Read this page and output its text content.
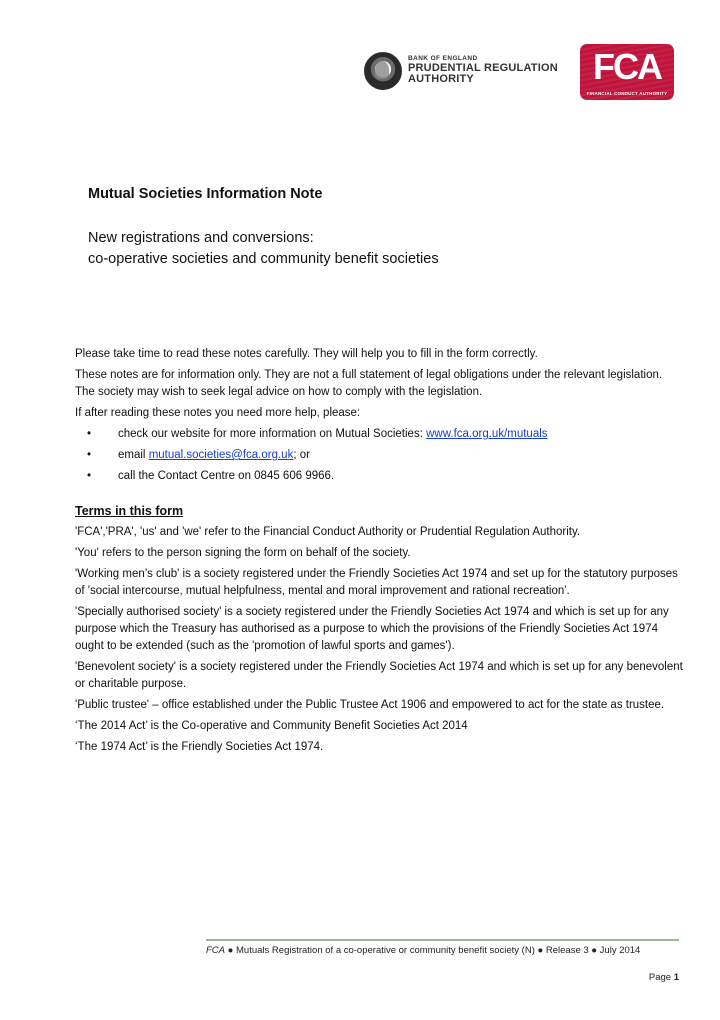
BANK OF ENGLAND
PRUDENTIAL REGULATION
AUTHORITY	FCA
FINANCIAL CONDUCT AUTHORITY
Mutual Societies Information Note

New registrations and conversions:
co-operative societies and community benefit societies

Please take time to read these notes carefully. They will help you to fill in the form correctly.

These notes are for information only. They are not a full statement of legal obligations under the relevant legislation. The society may wish to seek legal advice on how to comply with the legislation.

If after reading these notes you need more help, please:

• check our website for more information on Mutual Societies: www.fca.org.uk/mutuals
• email mutual.societies@fca.org.uk; or
• call the Contact Centre on 0845 606 9966.
Terms in this form

'FCA','PRA', 'us' and 'we' refer to the Financial Conduct Authority or Prudential Regulation Authority.

'You' refers to the person signing the form on behalf of the society.

'Working men’s club' is a society registered under the Friendly Societies Act 1974 and set up for the statutory purposes of 'social intercourse, mutual helpfulness, mental and moral improvement and rational recreation'.

'Specially authorised society' is a society registered under the Friendly Societies Act 1974 and which is set up for any purpose which the Treasury has authorised as a purpose to which the provisions of the Friendly Societies Act 1974 ought to be extended (such as the 'promotion of lawful sports and games').

'Benevolent society' is a society registered under the Friendly Societies Act 1974 and which is set up for any benevolent or charitable purpose.

'Public trustee' – office established under the Public Trustee Act 1906 and empowered to act for the state as trustee.

‘The 2014 Act’ is the Co-operative and Community Benefit Societies Act 2014

‘The 1974 Act’ is the Friendly Societies Act 1974.

FCA ● Mutuals Registration of a co-operative or community benefit society (N) ● Release 3 ● July 2014
Page 1
